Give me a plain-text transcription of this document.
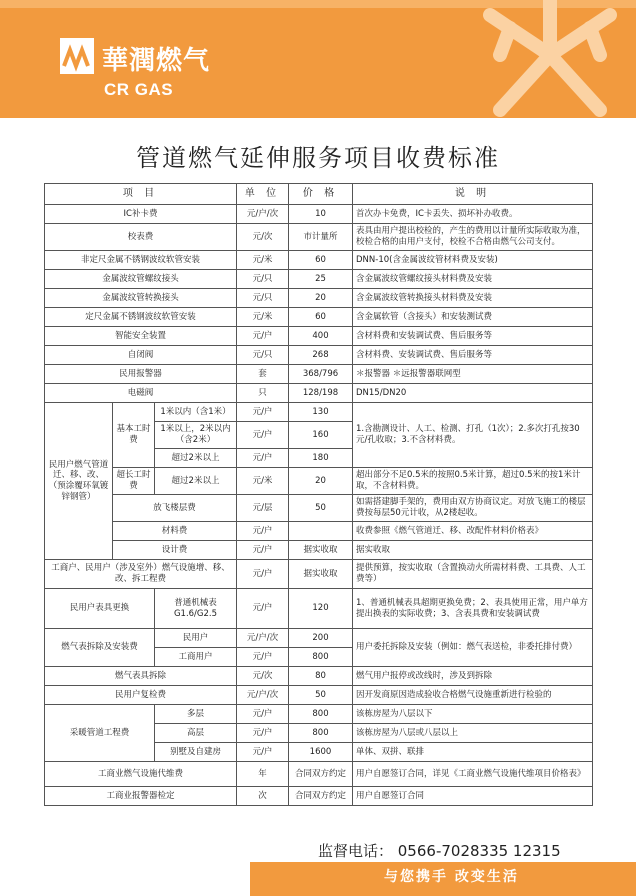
華潤燃气
CR GAS
管道燃气延伸服务项目收费标准
项 目			单 位	价 格	说 明
IC补卡费			元/户/次	10	首次办卡免费，IC卡丢失、损坏补办收费。
校表费			元/次	市计量所	表具由用户提出校检的，产生的费用以计量所实际收取为准，校检合格的由用户支付，校检不合格由燃气公司支付。
非定尺金属不锈钢波纹软管安装			元/米	60	DNN-10(含金属波纹管材料费及安装)
金属波纹管螺纹接头			元/只	25	含金属波纹管螺纹接头材料费及安装
金属波纹管转换接头			元/只	20	含金属波纹管转换接头材料费及安装
定尺金属不锈钢波纹软管安装			元/米	60	含金属软管（含接头）和安装测试费
智能安全装置			元/户	400	含材料费和安装调试费、售后服务等
自闭阀			元/只	268	含材料费、安装调试费、售后服务等
民用报警器			套	368/796	＊报警器 ＊远报警器联网型
电磁阀			只	128/198	DN15/DN20
民用户燃气管道迁、移、改、（预涂覆环氧镀锌钢管）	基本工时费	1米以内（含1米）	元/户	130	1.含勘测设计、人工、检测、打孔（1次）；2.多次打孔按30元/孔收取；3.不含材料费。
		1米以上，2米以内（含2米）	元/户	160	
		超过2米以上	元/户	180	
	超长工时费	超过2米以上	元/米	20	超出部分不足0.5米的按照0.5米计算，超过0.5米的按1米计取，不含材料费。
	放飞楼层费		元/层	50	如需搭建脚手架的，费用由双方协商议定。对放飞施工的楼层费按每层50元计收，从2楼起收。
	材料费		元/户		收费参照《燃气管道迁、移、改配件材料价格表》
	设计费		元/户	据实收取	据实收取
工商户、民用户（涉及室外）燃气设施增、移、改、拆工程费			元/户	据实收取	提供预算，按实收取（含置换动火所需材料费、工具费、人工费等）
民用户表具更换		普通机械表G1.6/G2.5	元/户	120	1、普通机械表具超期更换免费；2、表具使用正常，用户单方提出换表的实际收费；3、含表具费和安装调试费
燃气表拆除及安装费		民用户	元/户/次	200	用户委托拆除及安装（例如：燃气表送检，非委托排付费）
		工商用户	元/户	800	
燃气表具拆除			元/次	80	燃气用户报停或改线时，涉及到拆除
民用户复检费			元/户/次	50	因开发商原因造成验收合格燃气设施重新进行检验的
采暖管道工程费		多层	元/户	800	该栋房屋为八层以下
		高层	元/户	800	该栋房屋为八层或八层以上
		别墅及自建房	元/户	1600	单体、双拼、联排
工商业燃气设施代维费			年	合同双方约定	用户自愿签订合同，详见《工商业燃气设施代维项目价格表》
工商业报警器检定			次	合同双方约定	用户自愿签订合同
监督电话： 0566-7028335 12315
与您携手 改变生活
